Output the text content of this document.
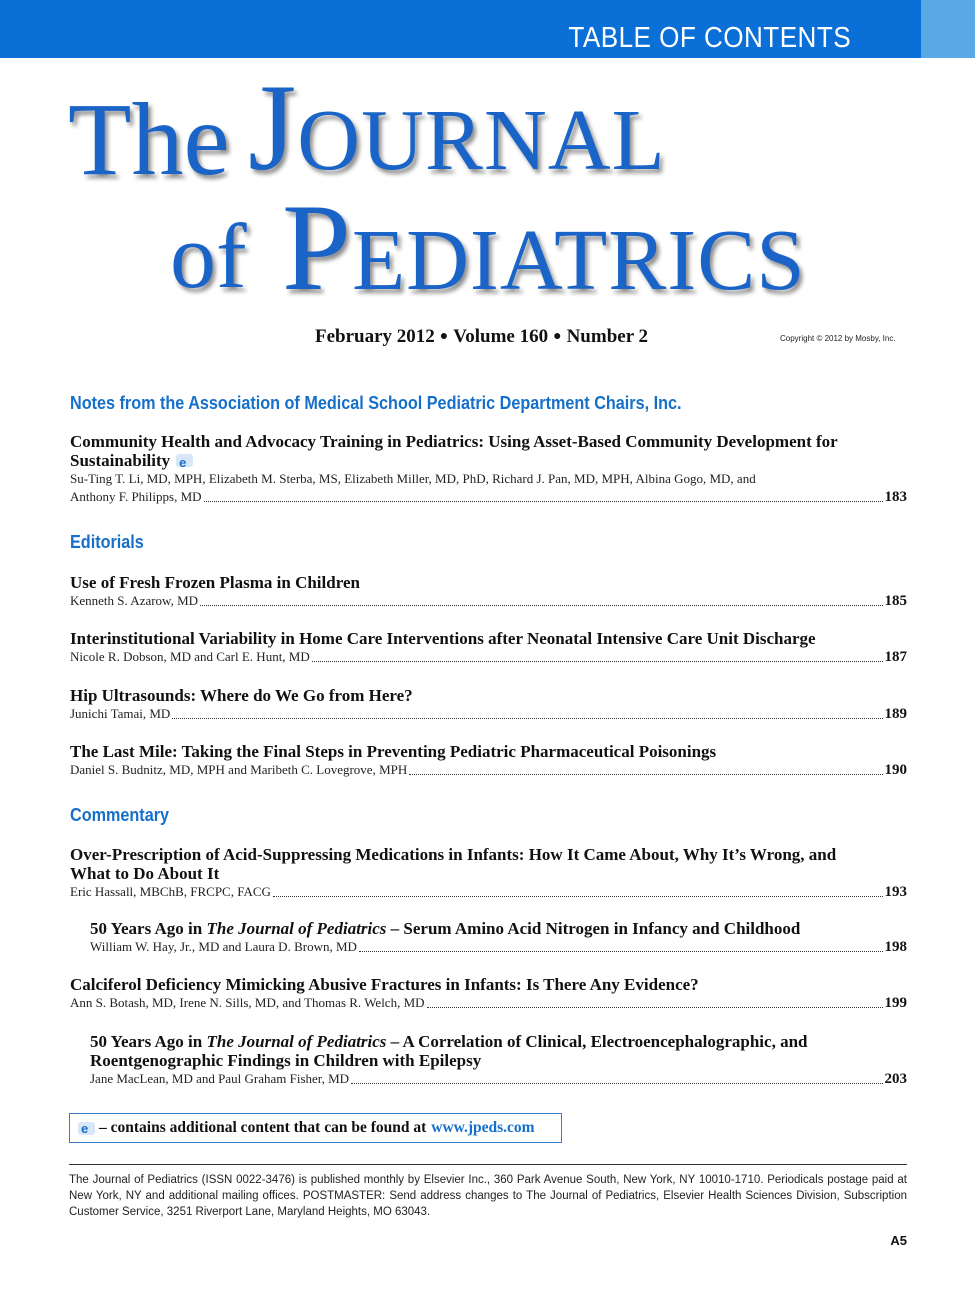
TABLE OF CONTENTS
The Journal
of Pediatrics
February 2012 ● Volume 160 ● Number 2	Copyright © 2012 by Mosby, Inc.
Notes from the Association of Medical School Pediatric Department Chairs, Inc.
Community Health and Advocacy Training in Pediatrics: Using Asset-Based Community Development for Sustainability e
Su-Ting T. Li, MD, MPH, Elizabeth M. Sterba, MS, Elizabeth Miller, MD, PhD, Richard J. Pan, MD, MPH, Albina Gogo, MD, and
Anthony F. Philipps, MD	183
Editorials
Use of Fresh Frozen Plasma in Children
Kenneth S. Azarow, MD	185
Interinstitutional Variability in Home Care Interventions after Neonatal Intensive Care Unit Discharge
Nicole R. Dobson, MD and Carl E. Hunt, MD	187
Hip Ultrasounds: Where do We Go from Here?
Junichi Tamai, MD	189
The Last Mile: Taking the Final Steps in Preventing Pediatric Pharmaceutical Poisonings
Daniel S. Budnitz, MD, MPH and Maribeth C. Lovegrove, MPH	190
Commentary
Over-Prescription of Acid-Suppressing Medications in Infants: How It Came About, Why It’s Wrong, and What to Do About It
Eric Hassall, MBChB, FRCPC, FACG	193
50 Years Ago in The Journal of Pediatrics – Serum Amino Acid Nitrogen in Infancy and Childhood
William W. Hay, Jr., MD and Laura D. Brown, MD	198
Calciferol Deficiency Mimicking Abusive Fractures in Infants: Is There Any Evidence?
Ann S. Botash, MD, Irene N. Sills, MD, and Thomas R. Welch, MD	199
50 Years Ago in The Journal of Pediatrics – A Correlation of Clinical, Electroencephalographic, and Roentgenographic Findings in Children with Epilepsy
Jane MacLean, MD and Paul Graham Fisher, MD	203
e – contains additional content that can be found at www.jpeds.com
The Journal of Pediatrics (ISSN 0022-3476) is published monthly by Elsevier Inc., 360 Park Avenue South, New York, NY 10010-1710. Periodicals postage paid at New York, NY and additional mailing offices. POSTMASTER: Send address changes to The Journal of Pediatrics, Elsevier Health Sciences Division, Subscription Customer Service, 3251 Riverport Lane, Maryland Heights, MO 63043.
A5
